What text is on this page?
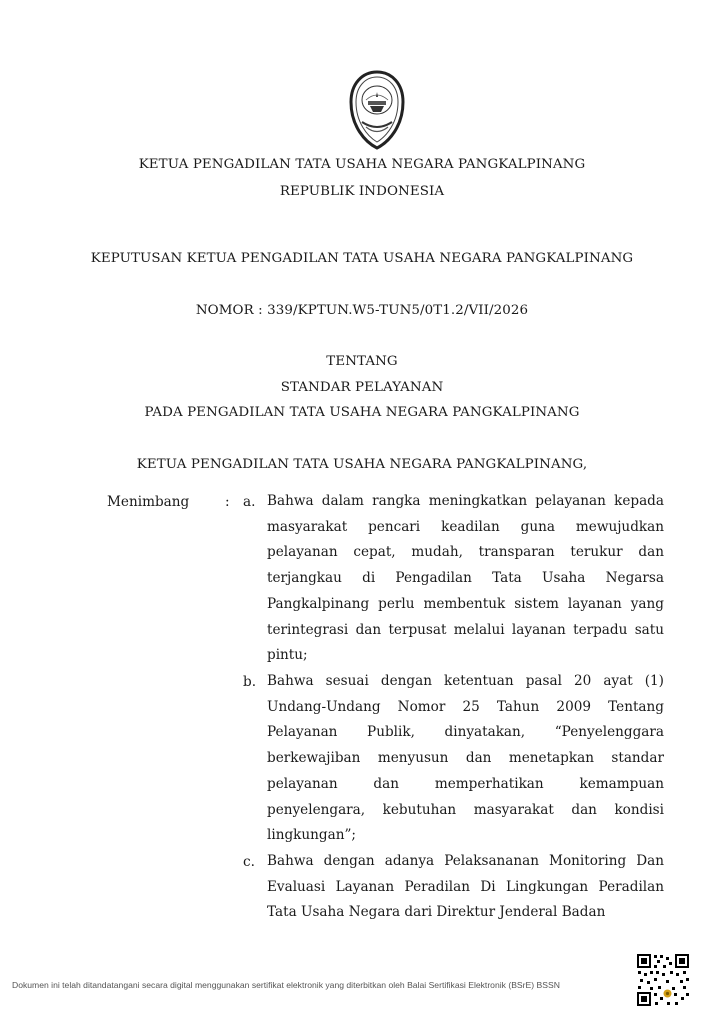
KETUA PENGADILAN TATA USAHA NEGARA PANGKALPINANG
REPUBLIK INDONESIA
KEPUTUSAN KETUA PENGADILAN TATA USAHA NEGARA PANGKALPINANG
NOMOR : 339/KPTUN.W5-TUN5/0T1.2/VII/2026
TENTANG
STANDAR PELAYANAN
PADA PENGADILAN TATA USAHA NEGARA PANGKALPINANG
KETUA PENGADILAN TATA USAHA NEGARA PANGKALPINANG,
Menimbang	: a. Bahwa dalam rangka meningkatkan pelayanan kepada masyarakat pencari keadilan guna mewujudkan pelayanan cepat, mudah, transparan terukur dan terjangkau di Pengadilan Tata Usaha Negarsa Pangkalpinang perlu membentuk sistem layanan yang terintegrasi dan terpusat melalui layanan terpadu satu pintu;
b. Bahwa sesuai dengan ketentuan pasal 20 ayat (1) Undang-Undang Nomor 25 Tahun 2009 Tentang Pelayanan Publik, dinyatakan, “Penyelenggara berkewajiban menyusun dan menetapkan standar pelayanan dan memperhatikan kemampuan penyelengara, kebutuhan masyarakat dan kondisi lingkungan”;
c. Bahwa dengan adanya Pelaksananan Monitoring Dan Evaluasi Layanan Peradilan Di Lingkungan Peradilan Tata Usaha Negara dari Direktur Jenderal Badan
Dokumen ini telah ditandatangani secara digital menggunakan sertifikat elektronik yang diterbitkan oleh Balai Sertifikasi Elektronik (BSrE) BSSN
